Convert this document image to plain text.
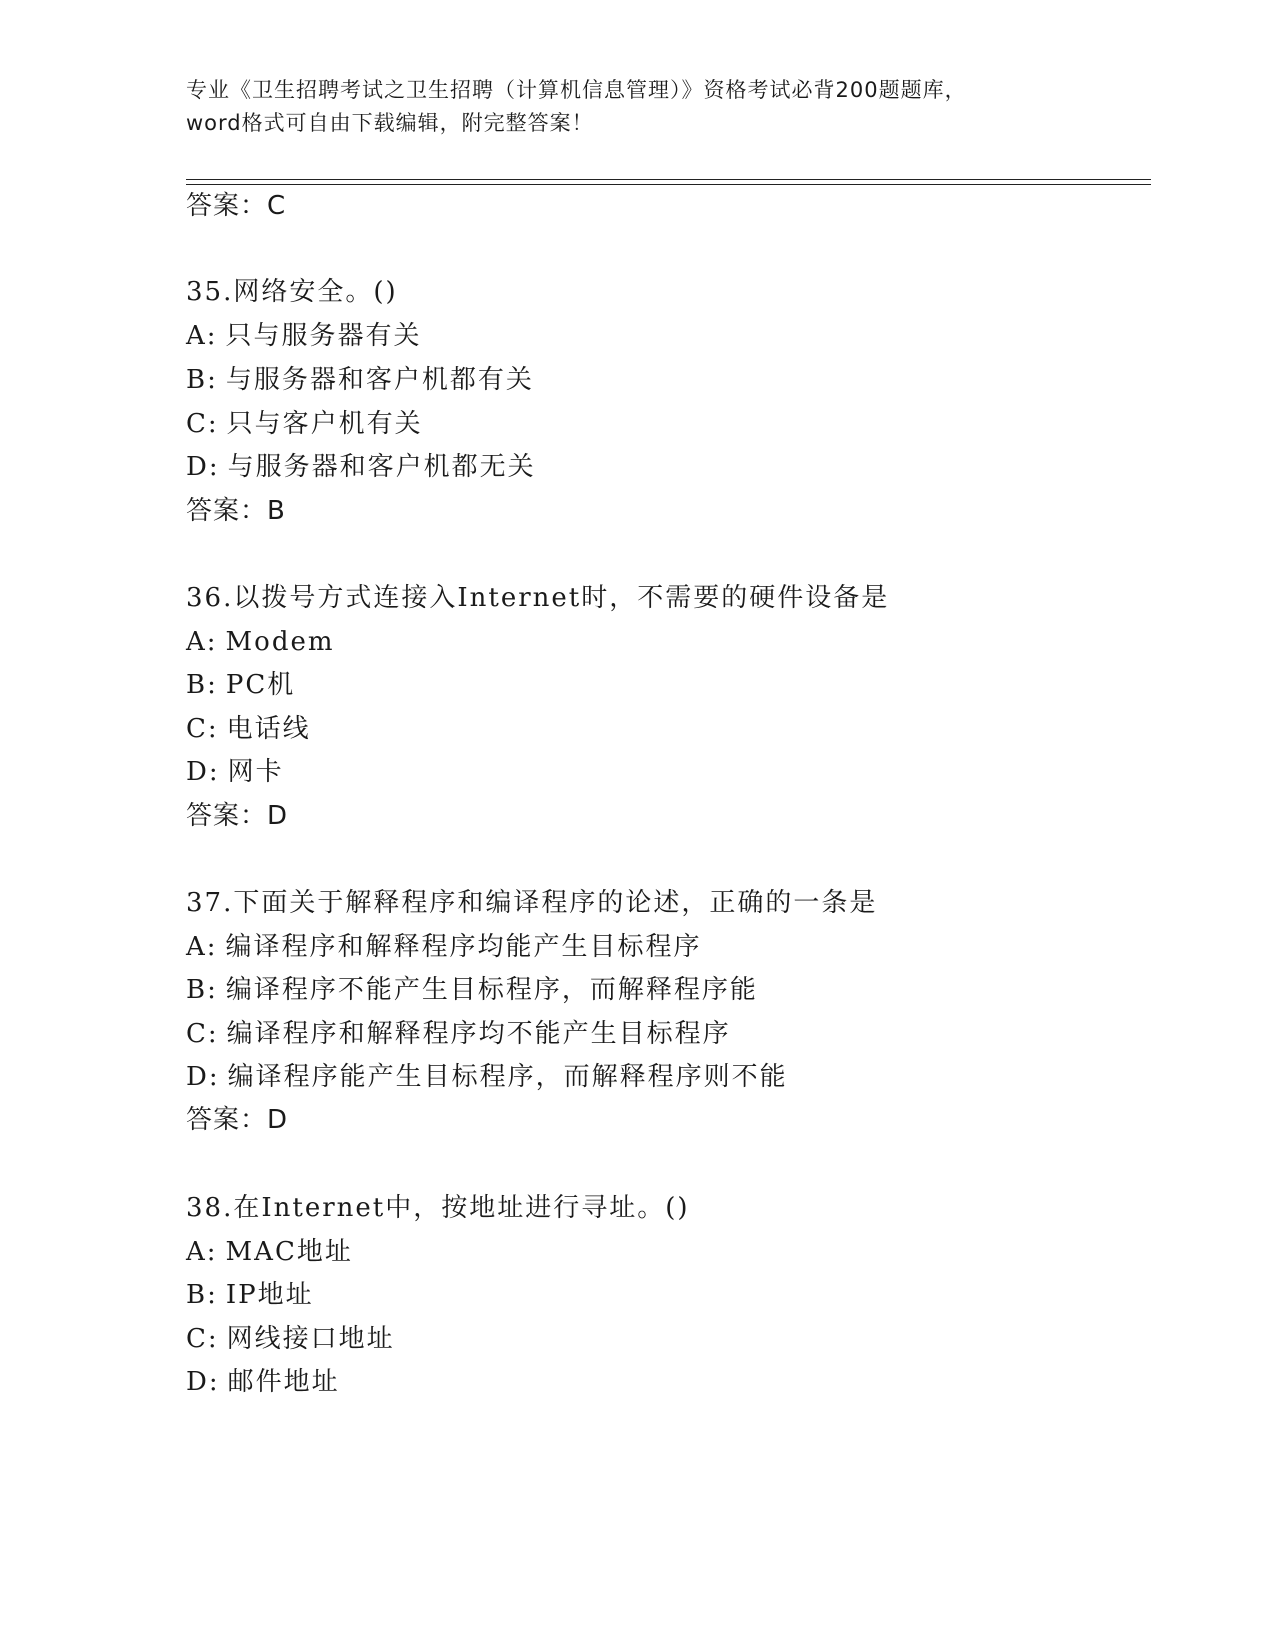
专业《卫生招聘考试之卫生招聘（计算机信息管理）》资格考试必背200题题库，
word格式可自由下载编辑，附完整答案！
答案：C
35.网络安全。()
A: 只与服务器有关
B: 与服务器和客户机都有关
C: 只与客户机有关
D: 与服务器和客户机都无关
答案：B
36.以拨号方式连接入Internet时，不需要的硬件设备是
A: Modem
B: PC机
C: 电话线
D: 网卡
答案：D
37.下面关于解释程序和编译程序的论述，正确的一条是
A: 编译程序和解释程序均能产生目标程序
B: 编译程序不能产生目标程序，而解释程序能
C: 编译程序和解释程序均不能产生目标程序
D: 编译程序能产生目标程序，而解释程序则不能
答案：D
38.在Internet中，按地址进行寻址。()
A: MAC地址
B: IP地址
C: 网线接口地址
D: 邮件地址
